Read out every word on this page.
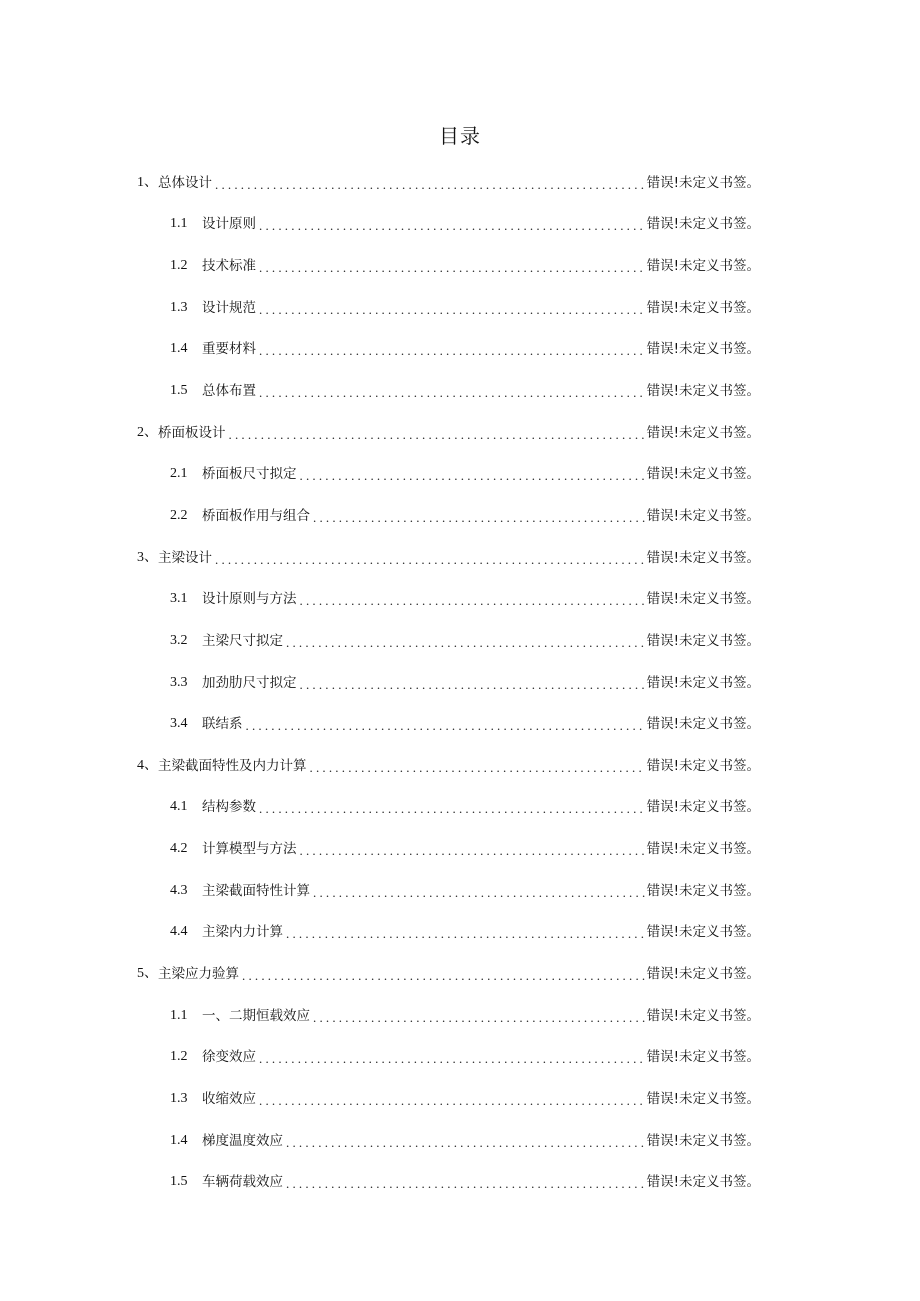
目录
1、 总体设计 .....	错误!未定义书签。
1.1	设计原则 .....	错误!未定义书签。
1.2	技术标准 .....	错误!未定义书签。
1.3	设计规范 .....	错误!未定义书签。
1.4	重要材料 .....	错误!未定义书签。
1.5	总体布置 .....	错误!未定义书签。
2、 桥面板设计 .....	错误!未定义书签。
2.1	桥面板尺寸拟定 .....	错误!未定义书签。
2.2	桥面板作用与组合 .....	错误!未定义书签。
3、 主梁设计 .....	错误!未定义书签。
3.1	设计原则与方法 .....	错误!未定义书签。
3.2	主梁尺寸拟定 .....	错误!未定义书签。
3.3	加劲肋尺寸拟定 .....	错误!未定义书签。
3.4	联结系 .....	错误!未定义书签。
4、 主梁截面特性及内力计算 .....	错误!未定义书签。
4.1	结构参数 .....	错误!未定义书签。
4.2	计算模型与方法 .....	错误!未定义书签。
4.3	主梁截面特性计算 .....	错误!未定义书签。
4.4	主梁内力计算 .....	错误!未定义书签。
5、 主梁应力验算 .....	错误!未定义书签。
1.1	一、二期恒载效应 .....	错误!未定义书签。
1.2	徐变效应 .....	错误!未定义书签。
1.3	收缩效应 .....	错误!未定义书签。
1.4	梯度温度效应 .....	错误!未定义书签。
1.5	车辆荷载效应 .....	错误!未定义书签。
